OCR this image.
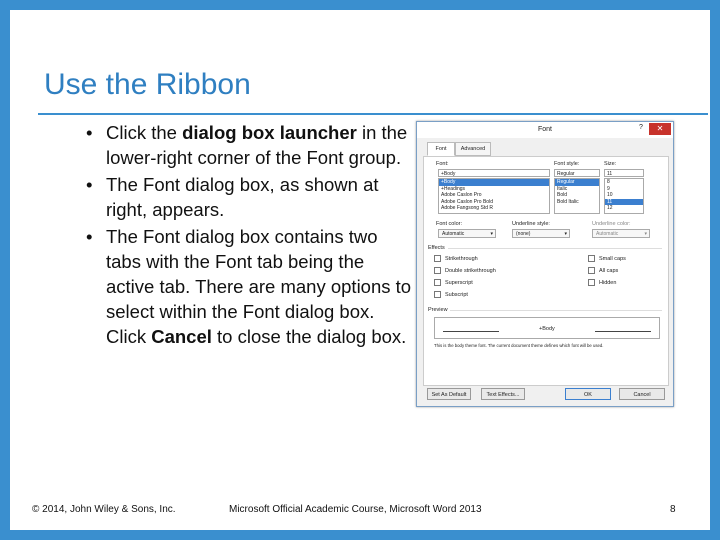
Use the Ribbon
• Click the dialog box launcher in the lower-right corner of the Font group.
• The Font dialog box, as shown at right, appears.
• The Font dialog box contains two tabs with the Font tab being the active tab. There are many options to select within the Font dialog box. Click Cancel to close the dialog box.
© 2014, John Wiley & Sons, Inc.	Microsoft Official Academic Course, Microsoft Word 2013	8
Font	?	✕
Font	Advanced
Font:
+Body
+Body
+Headings
Adobe Caslon Pro
Adobe Caslon Pro Bold
Adobe Fangsong Std R
Font style:
Regular
Regular
Italic
Bold
Bold Italic
Size:
11
8
9
10
11
12
Font color:
Automatic	▾
Underline style:
(none)	▾
Underline color:
Automatic	▾
Effects
Strikethrough
Double strikethrough
Superscript
Subscript
Small caps
All caps
Hidden
Preview
+Body
This is the body theme font. The current document theme defines which font will be used.
Set As Default	Text Effects...	OK	Cancel
